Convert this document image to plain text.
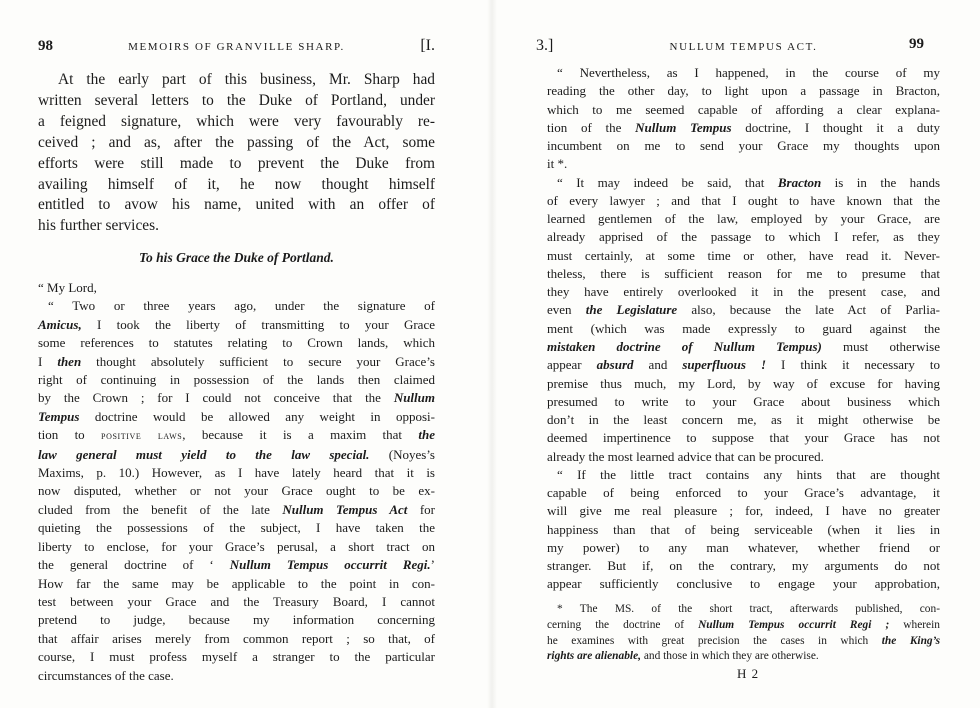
98	MEMOIRS OF GRANVILLE SHARP.	[I.
At the early part of this business, Mr. Sharp had
written several letters to the Duke of Portland, under
a feigned signature, which were very favourably re-
ceived ; and as, after the passing of the Act, some
efforts were still made to prevent the Duke from
availing himself of it, he now thought himself
entitled to avow his name, united with an offer of
his further services.
To his Grace the Duke of Portland.
“ My Lord,
“ Two or three years ago, under the signature of
Amicus, I took the liberty of transmitting to your Grace
some references to statutes relating to Crown lands, which
I then thought absolutely sufficient to secure your Grace’s
right of continuing in possession of the lands then claimed
by the Crown ; for I could not conceive that the Nullum
Tempus doctrine would be allowed any weight in opposi-
tion to positive laws, because it is a maxim that the
law general must yield to the law special. (Noyes’s
Maxims, p. 10.) However, as I have lately heard that it is
now disputed, whether or not your Grace ought to be ex-
cluded from the benefit of the late Nullum Tempus Act for
quieting the possessions of the subject, I have taken the
liberty to enclose, for your Grace’s perusal, a short tract on
the general doctrine of ‘ Nullum Tempus occurrit Regi.’
How far the same may be applicable to the point in con-
test between your Grace and the Treasury Board, I cannot
pretend to judge, because my information concerning
that affair arises merely from common report ; so that, of
course, I must profess myself a stranger to the particular
circumstances of the case.
3.]	NULLUM TEMPUS ACT.	99
“ Nevertheless, as I happened, in the course of my
reading the other day, to light upon a passage in Bracton,
which to me seemed capable of affording a clear explana-
tion of the Nullum Tempus doctrine, I thought it a duty
incumbent on me to send your Grace my thoughts upon
it *.
“ It may indeed be said, that Bracton is in the hands
of every lawyer ; and that I ought to have known that the
learned gentlemen of the law, employed by your Grace, are
already apprised of the passage to which I refer, as they
must certainly, at some time or other, have read it. Never-
theless, there is sufficient reason for me to presume that
they have entirely overlooked it in the present case, and
even the Legislature also, because the late Act of Parlia-
ment (which was made expressly to guard against the
mistaken doctrine of Nullum Tempus) must otherwise
appear absurd and superfluous ! I think it necessary to
premise thus much, my Lord, by way of excuse for having
presumed to write to your Grace about business which
don’t in the least concern me, as it might otherwise be
deemed impertinence to suppose that your Grace has not
already the most learned advice that can be procured.
“ If the little tract contains any hints that are thought
capable of being enforced to your Grace’s advantage, it
will give me real pleasure ; for, indeed, I have no greater
happiness than that of being serviceable (when it lies in
my power) to any man whatever, whether friend or
stranger. But if, on the contrary, my arguments do not
appear sufficiently conclusive to engage your approbation,
* The MS. of the short tract, afterwards published, con-
cerning the doctrine of Nullum Tempus occurrit Regi ; wherein
he examines with great precision the cases in which the King’s
rights are alienable, and those in which they are otherwise.
H 2
